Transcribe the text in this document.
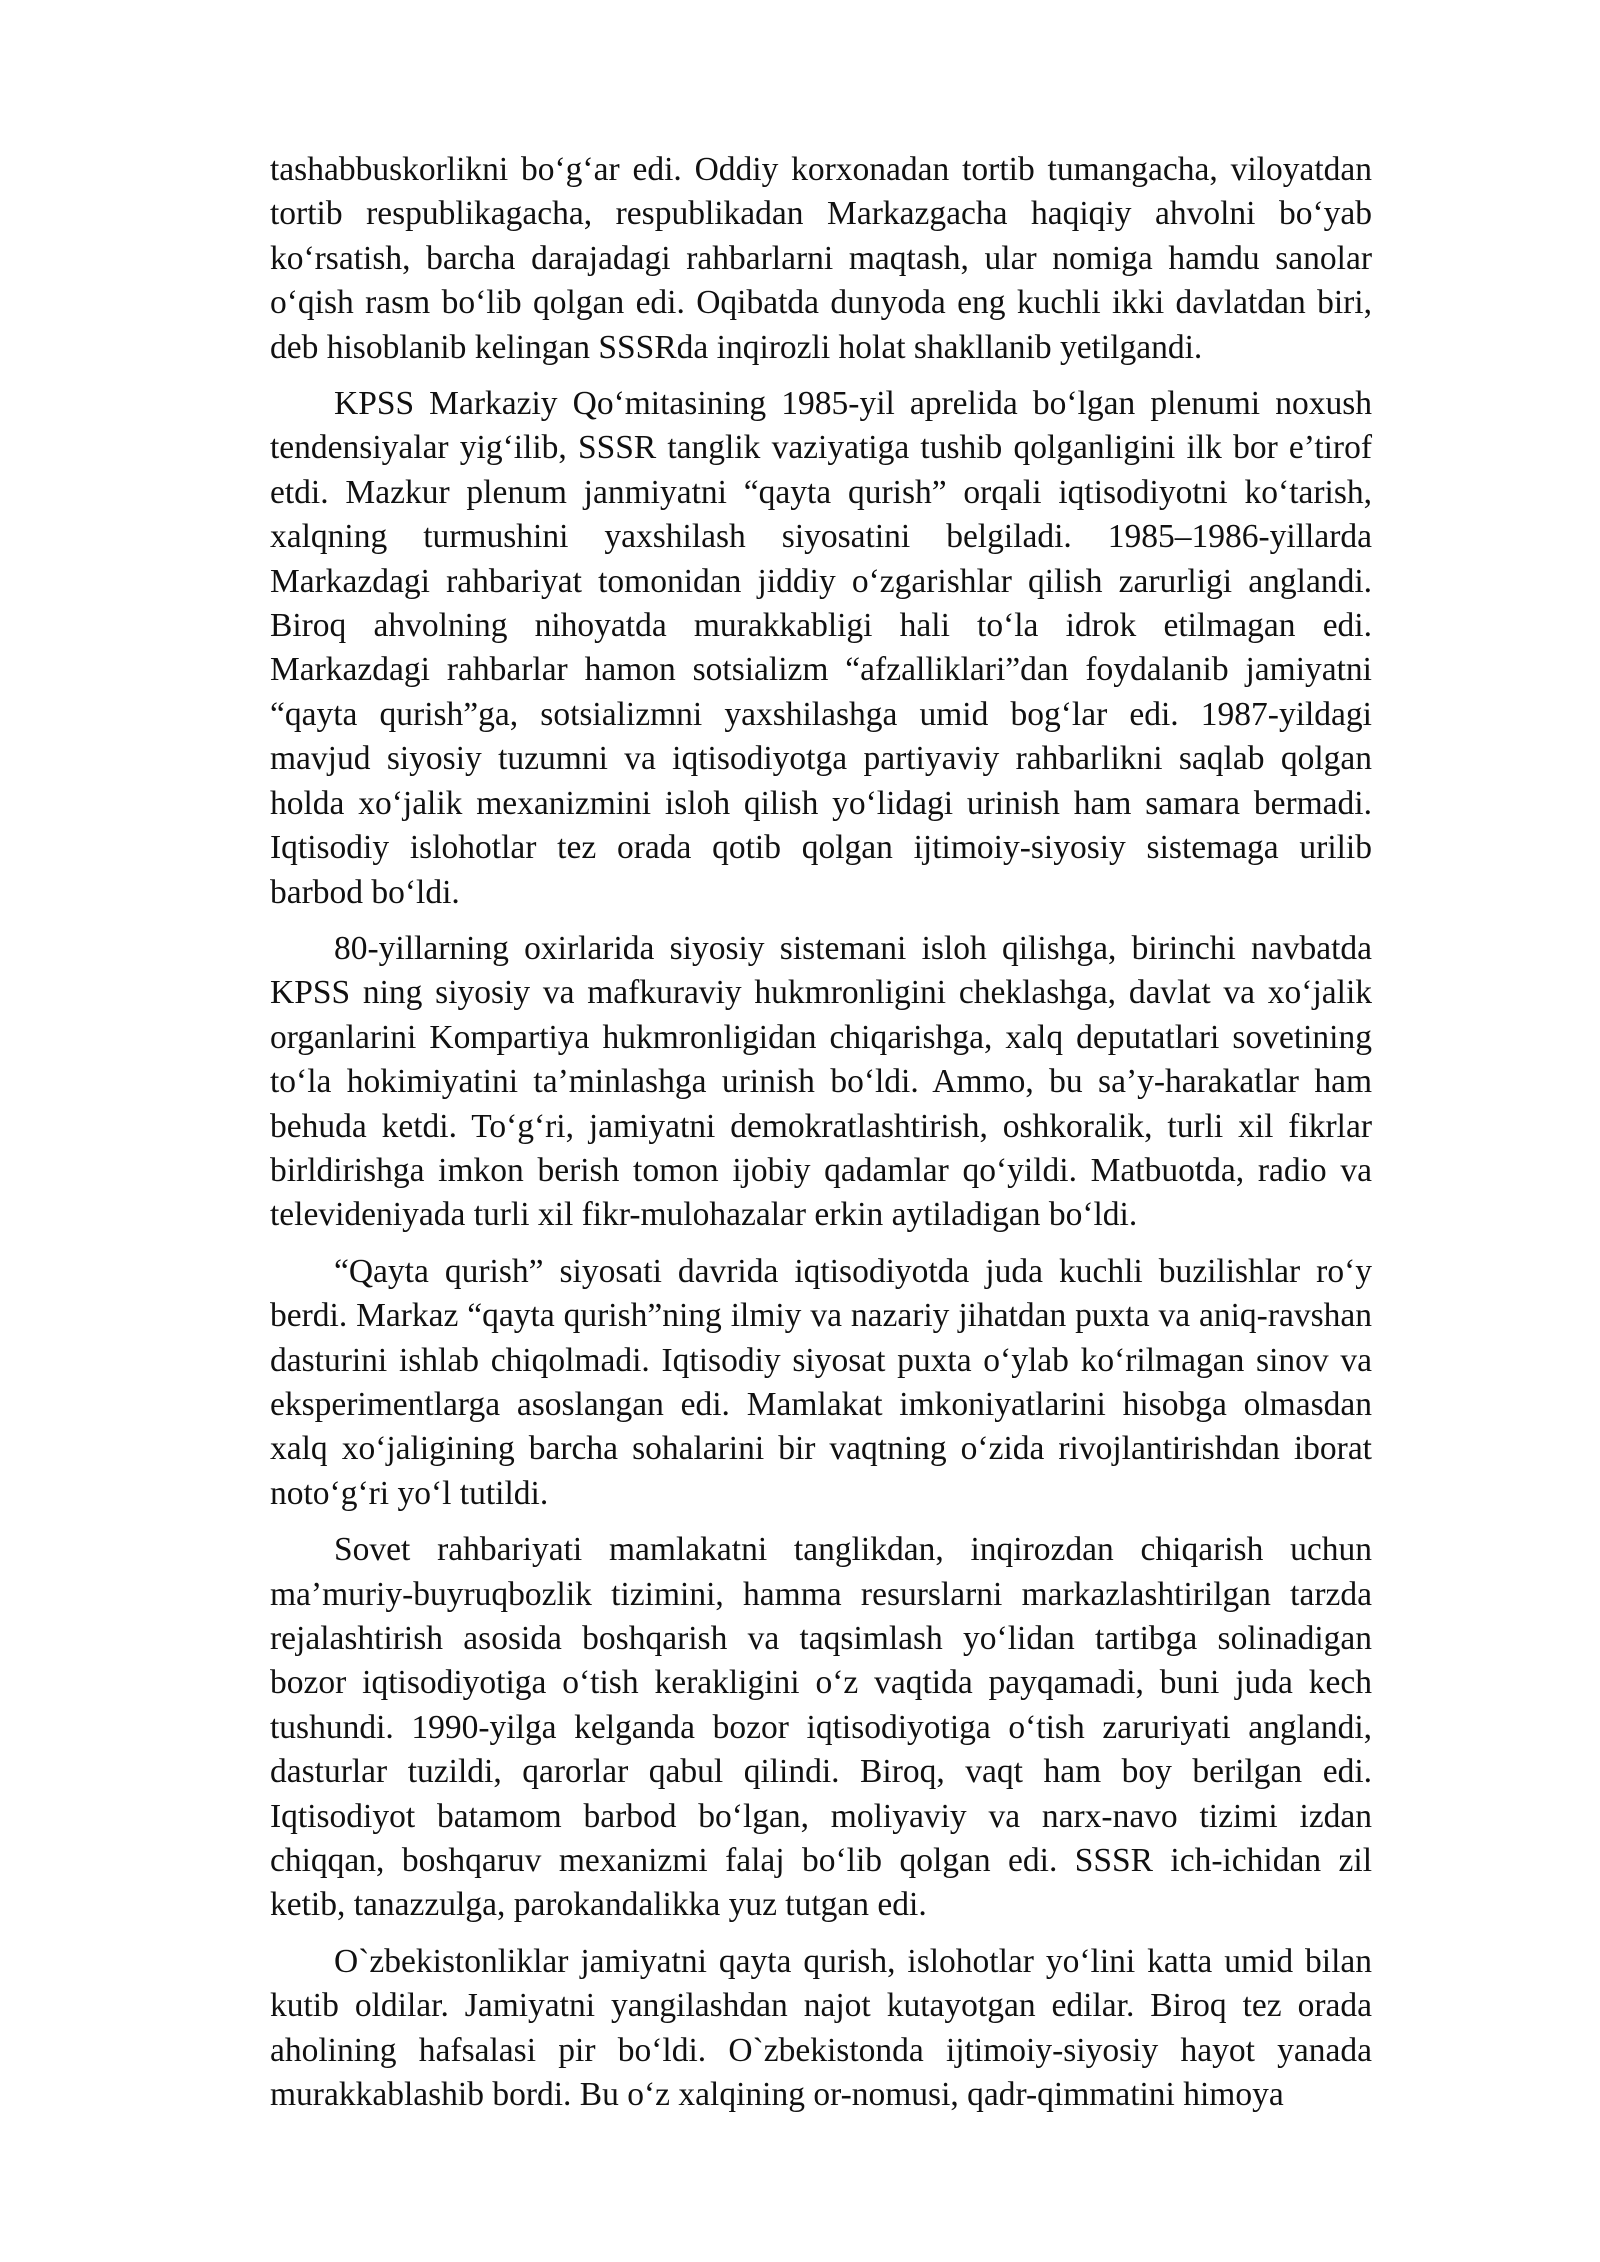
tashabbuskorlikni bo‘g‘ar edi. Oddiy korxonadan tortib tumangacha, viloyatdan tortib respublikagacha, respublikadan Markazgacha haqiqiy ahvolni bo‘yab ko‘rsatish, barcha darajadagi rahbarlarni maqtash, ular nomiga hamdu sanolar o‘qish rasm bo‘lib qolgan edi. Oqibatda dunyoda eng kuchli ikki davlatdan biri, deb hisoblanib kelingan SSSRda inqirozli holat shakllanib yetilgandi.

KPSS Markaziy Qo‘mitasining 1985-yil aprelida bo‘lgan plenumi noxush tendensiyalar yig‘ilib, SSSR tanglik vaziyatiga tushib qolganligini ilk bor e’tirof etdi. Mazkur plenum janmiyatni “qayta qurish” orqali iqtisodiyotni ko‘tarish, xalqning turmushini yaxshilash siyosatini belgiladi. 1985–1986-yillarda Markazdagi rahbariyat tomonidan jiddiy o‘zgarishlar qilish zarurligi anglandi. Biroq ahvolning nihoyatda murakkabligi hali to‘la idrok etilmagan edi. Markazdagi rahbarlar hamon sotsializm “afzalliklari”dan foydalanib jamiyatni “qayta qurish”ga, sotsializmni yaxshilashga umid bog‘lar edi. 1987-yildagi mavjud siyosiy tuzumni va iqtisodiyotga partiyaviy rahbarlikni saqlab qolgan holda xo‘jalik mexanizmini isloh qilish yo‘lidagi urinish ham samara bermadi. Iqtisodiy islohotlar tez orada qotib qolgan ijtimoiy-siyosiy sistemaga urilib barbod bo‘ldi.

80-yillarning oxirlarida siyosiy sistemani isloh qilishga, birinchi navbatda KPSS ning siyosiy va mafkuraviy hukmronligini cheklashga, davlat va xo‘jalik organlarini Kompartiya hukmronligidan chiqarishga, xalq deputatlari sovetining to‘la hokimiyatini ta’minlashga urinish bo‘ldi. Ammo, bu sa’y-harakatlar ham behuda ketdi. To‘g‘ri, jamiyatni demokratlashtirish, oshkoralik, turli xil fikrlar birldirishga imkon berish tomon ijobiy qadamlar qo‘yildi. Matbuotda, radio va televideniyada turli xil fikr-mulohazalar erkin aytiladigan bo‘ldi.

“Qayta qurish” siyosati davrida iqtisodiyotda juda kuchli buzilishlar ro‘y berdi. Markaz “qayta qurish”ning ilmiy va nazariy jihatdan puxta va aniq-ravshan dasturini ishlab chiqolmadi. Iqtisodiy siyosat puxta o‘ylab ko‘rilmagan sinov va eksperimentlarga asoslangan edi. Mamlakat imkoniyatlarini hisobga olmasdan xalq xo‘jaligining barcha sohalarini bir vaqtning o‘zida rivojlantirishdan iborat noto‘g‘ri yo‘l tutildi.

Sovet rahbariyati mamlakatni tanglikdan, inqirozdan chiqarish uchun ma’muriy-buyruqbozlik tizimini, hamma resurslarni markazlashtirilgan tarzda rejalashtirish asosida boshqarish va taqsimlash yo‘lidan tartibga solinadigan bozor iqtisodiyotiga o‘tish kerakligini o‘z vaqtida payqamadi, buni juda kech tushundi. 1990-yilga kelganda bozor iqtisodiyotiga o‘tish zaruriyati anglandi, dasturlar tuzildi, qarorlar qabul qilindi. Biroq, vaqt ham boy berilgan edi. Iqtisodiyot batamom barbod bo‘lgan, moliyaviy va narx-navo tizimi izdan chiqqan, boshqaruv mexanizmi falaj bo‘lib qolgan edi. SSSR ich-ichidan zil ketib, tanazzulga, parokandalikka yuz tutgan edi.

O`zbekistonliklar jamiyatni qayta qurish, islohotlar yo‘lini katta umid bilan kutib oldilar. Jamiyatni yangilashdan najot kutayotgan edilar. Biroq tez orada aholining hafsalasi pir bo‘ldi. O`zbekistonda ijtimoiy-siyosiy hayot yanada murakkablashib bordi. Bu o‘z xalqining or-nomusi, qadr-qimmatini himoya
